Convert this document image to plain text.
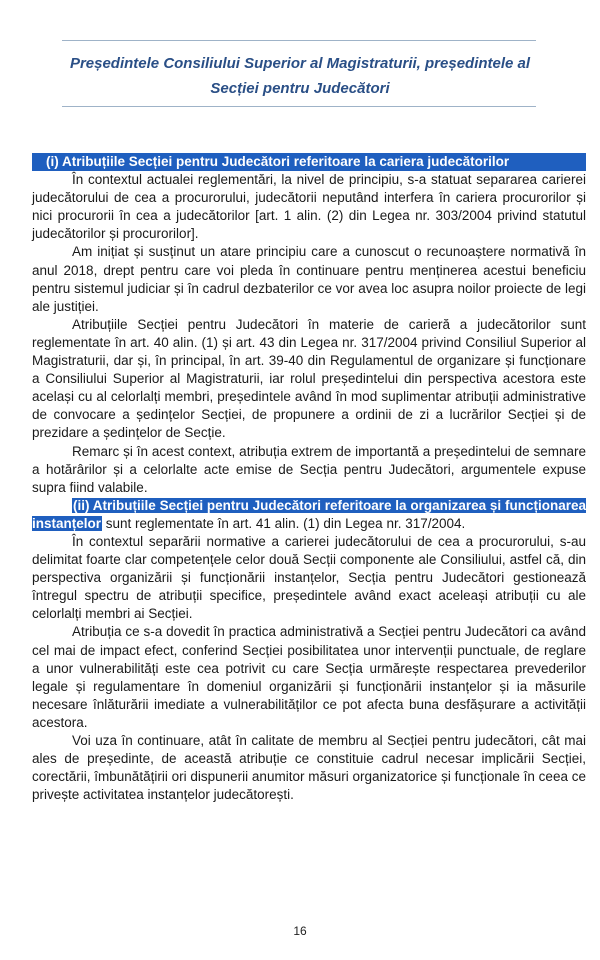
Președintele Consiliului Superior al Magistraturii, președintele al
Secției pentru Judecători

(i) Atribuțiile Secției pentru Judecători referitoare la cariera judecătorilor

În contextul actualei reglementări, la nivel de principiu, s-a statuat separarea carierei judecătorului de cea a procurorului, judecătorii neputând interfera în cariera procurorilor și nici procurorii în cea a judecătorilor [art. 1 alin. (2) din Legea nr. 303/2004 privind statutul judecătorilor și procurorilor].

Am inițiat și susținut un atare principiu care a cunoscut o recunoaștere normativă în anul 2018, drept pentru care voi pleda în continuare pentru menținerea acestui beneficiu pentru sistemul judiciar și în cadrul dezbaterilor ce vor avea loc asupra noilor proiecte de legi ale justiției.

Atribuțiile Secției pentru Judecători în materie de carieră a judecătorilor sunt reglementate în art. 40 alin. (1) și art. 43 din Legea nr. 317/2004 privind Consiliul Superior al Magistraturii, dar și, în principal, în art. 39-40 din Regulamentul de organizare și funcționare a Consiliului Superior al Magistraturii, iar rolul președintelui din perspectiva acestora este același cu al celorlalți membri, președintele având în mod suplimentar atribuții administrative de convocare a ședințelor Secției, de propunere a ordinii de zi a lucrărilor Secției și de prezidare a ședințelor de Secție.

Remarc și în acest context, atribuția extrem de importantă a președintelui de semnare a hotărârilor și a celorlalte acte emise de Secția pentru Judecători, argumentele expuse supra fiind valabile.

(ii) Atribuțiile Secției pentru Judecători referitoare la organizarea și funcționarea instanțelor sunt reglementate în art. 41 alin. (1) din Legea nr. 317/2004.

În contextul separării normative a carierei judecătorului de cea a procurorului, s-au delimitat foarte clar competențele celor două Secții componente ale Consiliului, astfel că, din perspectiva organizării și funcționării instanțelor, Secția pentru Judecători gestionează întregul spectru de atribuții specifice, președintele având exact aceleași atribuții cu ale celorlalți membri ai Secției.

Atribuția ce s-a dovedit în practica administrativă a Secției pentru Judecători ca având cel mai de impact efect, conferind Secției posibilitatea unor intervenții punctuale, de reglare a unor vulnerabilități este cea potrivit cu care Secția urmărește respectarea prevederilor legale și regulamentare în domeniul organizării și funcționării instanțelor și ia măsurile necesare înlăturării imediate a vulnerabilităților ce pot afecta buna desfășurare a activității acestora.

Voi uza în continuare, atât în calitate de membru al Secției pentru judecători, cât mai ales de președinte, de această atribuție ce constituie cadrul necesar implicării Secției, corectării, îmbunătățirii ori dispunerii anumitor măsuri organizatorice și funcționale în ceea ce privește activitatea instanțelor judecătorești.

16
